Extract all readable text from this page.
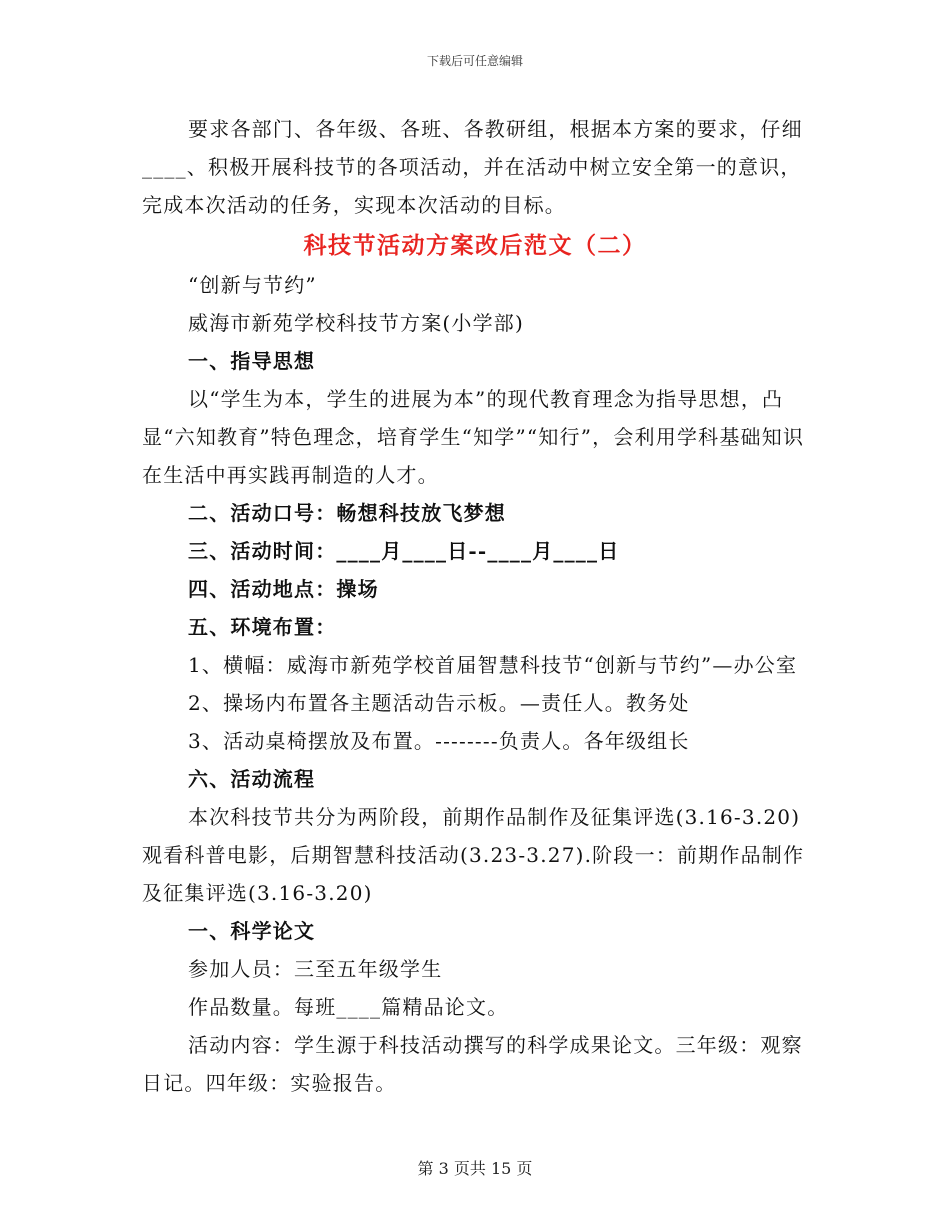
下载后可任意编辑

要求各部门、各年级、各班、各教研组，根据本方案的要求，仔细____、积极开展科技节的各项活动，并在活动中树立安全第一的意识，完成本次活动的任务，实现本次活动的目标。

科技节活动方案改后范文（二）
“创新与节约”
威海市新苑学校科技节方案(小学部)
一、指导思想

以“学生为本，学生的进展为本”的现代教育理念为指导思想，凸显“六知教育”特色理念，培育学生“知学”“知行”，会利用学科基础知识在生活中再实践再制造的人才。

二、活动口号：畅想科技放飞梦想
三、活动时间：____月____日--____月____日
四、活动地点：操场
五、环境布置：

1、横幅：威海市新苑学校首届智慧科技节“创新与节约”—办公室

2、操场内布置各主题活动告示板。—责任人。教务处
3、活动桌椅摆放及布置。--------负责人。各年级组长
六、活动流程

本次科技节共分为两阶段，前期作品制作及征集评选(3.16-3.20)观看科普电影，后期智慧科技活动(3.23-3.27).阶段一：前期作品制作及征集评选(3.16-3.20)

一、科学论文
参加人员：三至五年级学生
作品数量。每班____篇精品论文。

活动内容：学生源于科技活动撰写的科学成果论文。三年级：观察日记。四年级：实验报告。

第 3 页共 15 页
